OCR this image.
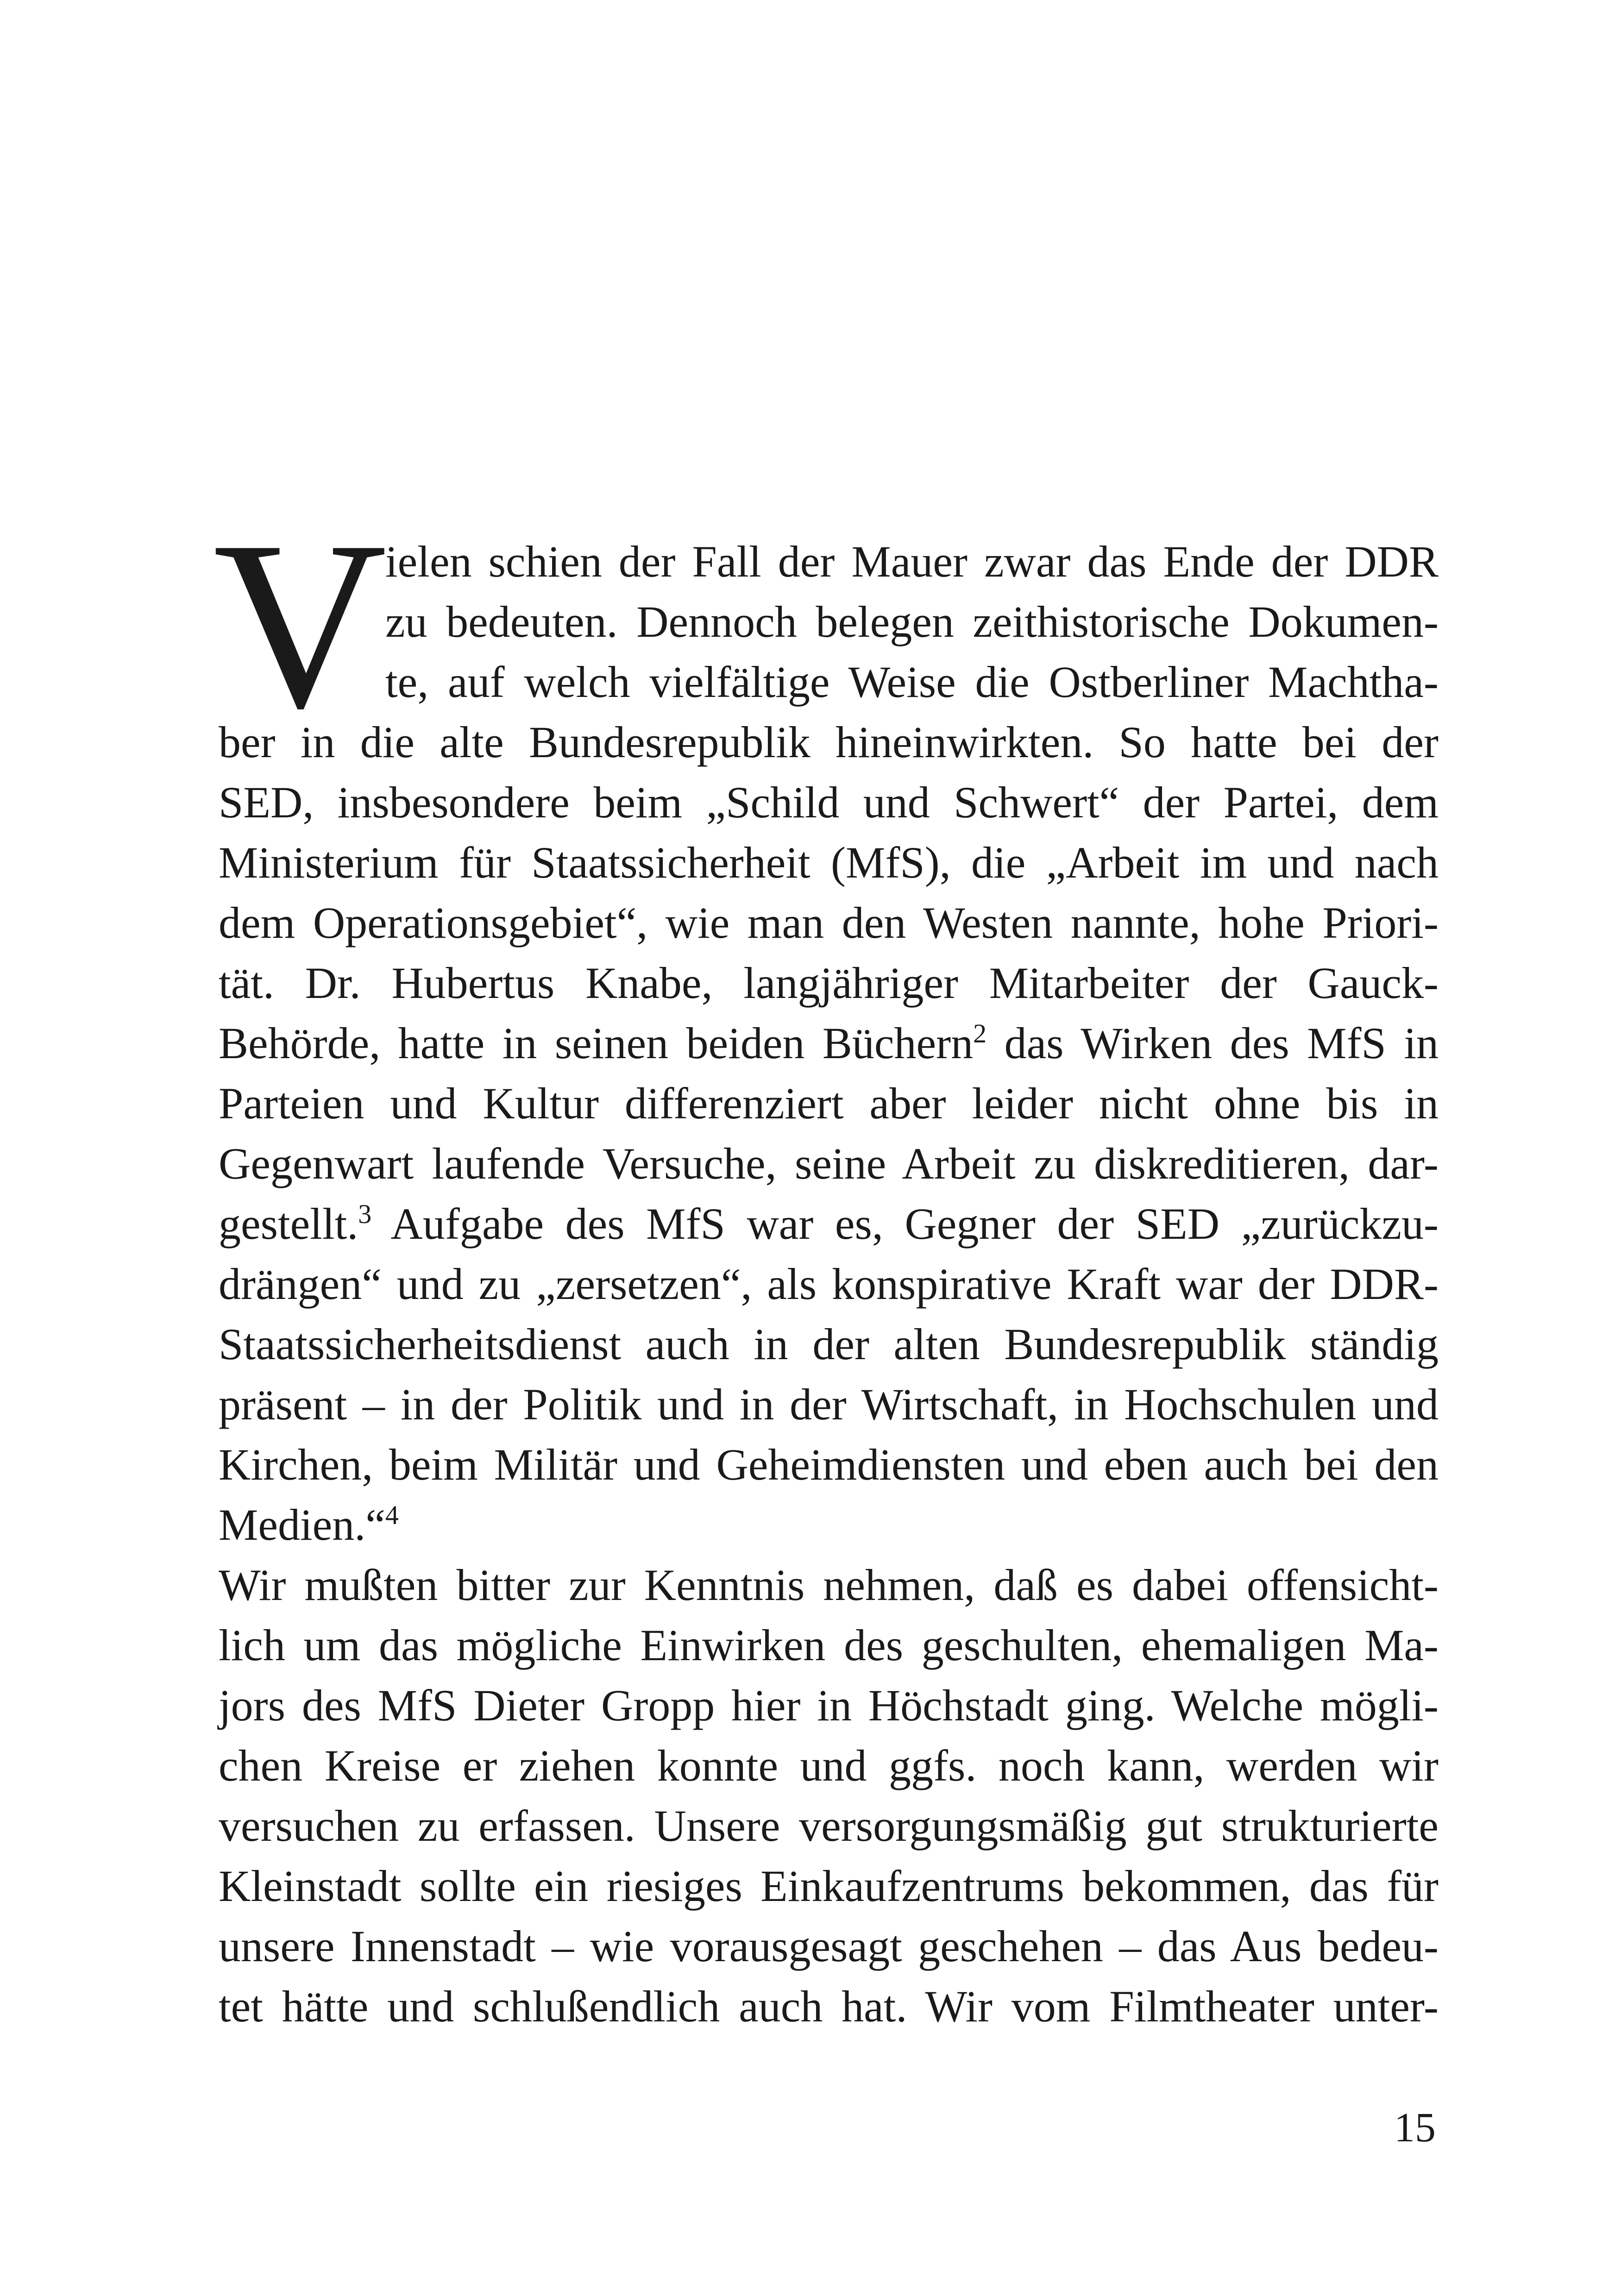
V
ielen schien der Fall der Mauer zwar das Ende der DDR
zu bedeuten. Dennoch belegen zeithistorische Dokumen-
te, auf welch vielfältige Weise die Ostberliner Machtha-
ber in die alte Bundesrepublik hineinwirkten. So hatte bei der
SED, insbesondere beim „Schild und Schwert“ der Partei, dem
Ministerium für Staatssicherheit (MfS), die „Arbeit im und nach
dem Operationsgebiet“, wie man den Westen nannte, hohe Priori-
tät. Dr. Hubertus Knabe, langjähriger Mitarbeiter der Gauck-
Behörde, hatte in seinen beiden Büchern$^2$ das Wirken des MfS in
Parteien und Kultur differenziert aber leider nicht ohne bis in
Gegenwart laufende Versuche, seine Arbeit zu diskreditieren, dar-
gestellt.$^3$ Aufgabe des MfS war es, Gegner der SED „zurückzu-
drängen“ und zu „zersetzen“, als konspirative Kraft war der DDR-
Staatssicherheitsdienst auch in der alten Bundesrepublik ständig
präsent – in der Politik und in der Wirtschaft, in Hochschulen und
Kirchen, beim Militär und Geheimdiensten und eben auch bei den
Medien.“$^4$
Wir mußten bitter zur Kenntnis nehmen, daß es dabei offensicht-
lich um das mögliche Einwirken des geschulten, ehemaligen Ma-
jors des MfS Dieter Gropp hier in Höchstadt ging. Welche mögli-
chen Kreise er ziehen konnte und ggfs. noch kann, werden wir
versuchen zu erfassen. Unsere versorgungsmäßig gut strukturierte
Kleinstadt sollte ein riesiges Einkaufzentrums bekommen, das für
unsere Innenstadt – wie vorausgesagt geschehen – das Aus bedeu-
tet hätte und schlußendlich auch hat. Wir vom Filmtheater unter-
15
